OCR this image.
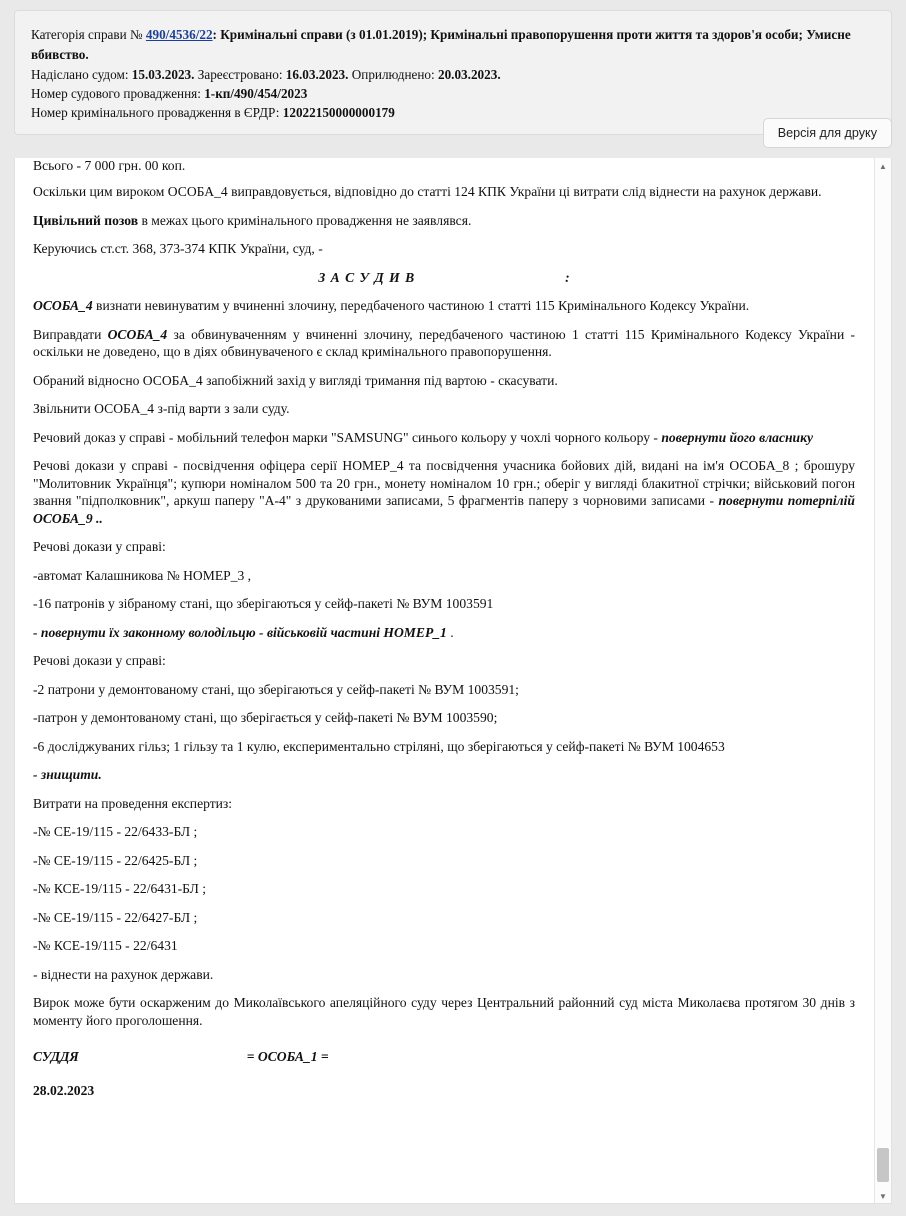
Категорія справи № 490/4536/22: Кримінальні справи (з 01.01.2019); Кримінальні правопорушення проти життя та здоров'я особи; Умисне вбивство.
Надіслано судом: 15.03.2023. Зареєстровано: 16.03.2023. Оприлюднено: 20.03.2023.
Номер судового провадження: 1-кп/490/454/2023
Номер кримінального провадження в ЄРДР: 12022150000000179
Версія для друку
Всього - 7 000 грн. 00 коп.

Оскільки цим вироком ОСОБА_4 виправдовується, відповідно до статті 124 КПК України ці витрати слід віднести на рахунок держави.

Цивільний позов в межах цього кримінального провадження не заявлявся.

Керуючись ст.ст. 368, 373-374 КПК України, суд, -

З А С У Д И В	:

ОСОБА_4 визнати невинуватим у вчиненні злочину, передбаченого частиною 1 статті 115 Кримінального Кодексу України.

Виправдати ОСОБА_4 за обвинуваченням у вчиненні злочину, передбаченого частиною 1 статті 115 Кримінального Кодексу України - оскільки не доведено, що в діях обвинуваченого є склад кримінального правопорушення.

Обраний відносно ОСОБА_4 запобіжний захід у вигляді тримання під вартою - скасувати.

Звільнити ОСОБА_4 з-під варти з зали суду.

Речовий доказ у справі - мобільний телефон марки "SAMSUNG" синього кольору у чохлі чорного кольору - повернути його власнику

Речові докази у справі - посвідчення офіцера серії НОМЕР_4 та посвідчення учасника бойових дій, видані на ім'я ОСОБА_8 ; брошуру "Молитовник Українця"; купюри номіналом 500 та 20 грн., монету номіналом 10 грн.; оберіг у вигляді блакитної стрічки; військовий погон звання "підполковник", аркуш паперу "А-4" з друкованими записами, 5 фрагментів паперу з чорновими записами - повернути потерпілій ОСОБА_9 ..

Речові докази у справі:

-автомат Калашникова № НОМЕР_3 ,

-16 патронів у зібраному стані, що зберігаються у сейф-пакеті № ВУМ 1003591

- повернути їх законному володільцю - військовій частині НОМЕР_1 .

Речові докази у справі:

-2 патрони у демонтованому стані, що зберігаються у сейф-пакеті № ВУМ 1003591;

-патрон у демонтованому стані, що зберігається у сейф-пакеті № ВУМ 1003590;

-6 досліджуваних гільз; 1 гільзу та 1 кулю, експериментально стріляні, що зберігаються у сейф-пакеті № ВУМ 1004653

- знищити.

Витрати на проведення експертиз:

-№ СЕ-19/115 - 22/6433-БЛ ;

-№ СЕ-19/115 - 22/6425-БЛ ;

-№ КСЕ-19/115 - 22/6431-БЛ ;

-№ СЕ-19/115 - 22/6427-БЛ ;

-№ КСЕ-19/115 - 22/6431

- віднести на рахунок держави.

Вирок може бути оскарженим до Миколаївського апеляційного суду через Центральний районний суд міста Миколаєва протягом 30 днів з моменту його проголошення.

СУДДЯ	= ОСОБА_1 =
28.02.2023
▲
▼
